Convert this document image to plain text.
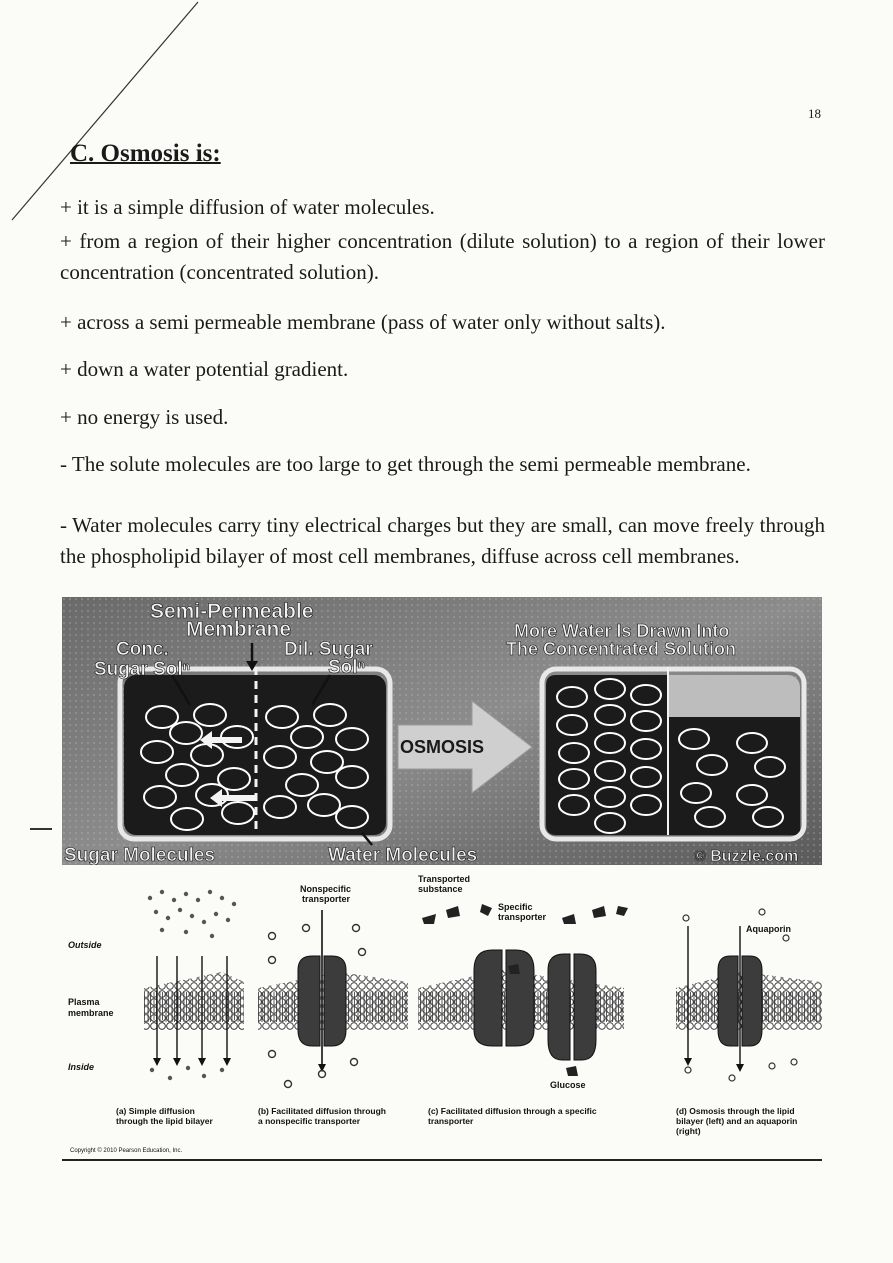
18
C. Osmosis is:

+ it is a simple diffusion of water molecules.

+ from a region of their higher concentration (dilute solution) to a region of their lower concentration (concentrated solution).

+ across a semi permeable membrane (pass of water only without salts).

+ down a water potential gradient.

+ no energy is used.

- The solute molecules are too large to get through the semi permeable membrane.

- Water molecules carry tiny electrical charges but they are small, can move freely through the phospholipid bilayer of most cell membranes, diffuse across cell membranes.

OSMOSIS
Semi-Permeable
Membrane
Conc.
Sugar Solⁿ
Dil. Sugar
Solⁿ
More Water Is Drawn Into
The Concentrated Solution
Sugar Molecules	Water Molecules	© Buzzle.com
Outside
Plasma
membrane
Inside
Nonspecific
transporter
Transported
substance
Specific
transporter
Aquaporin
Glucose
(a) Simple diffusion
through the lipid bilayer
(b) Facilitated diffusion through
a nonspecific transporter
(c) Facilitated diffusion through a specific
transporter
(d) Osmosis through the lipid
bilayer (left) and an aquaporin
(right)
Copyright © 2010 Pearson Education, Inc.
